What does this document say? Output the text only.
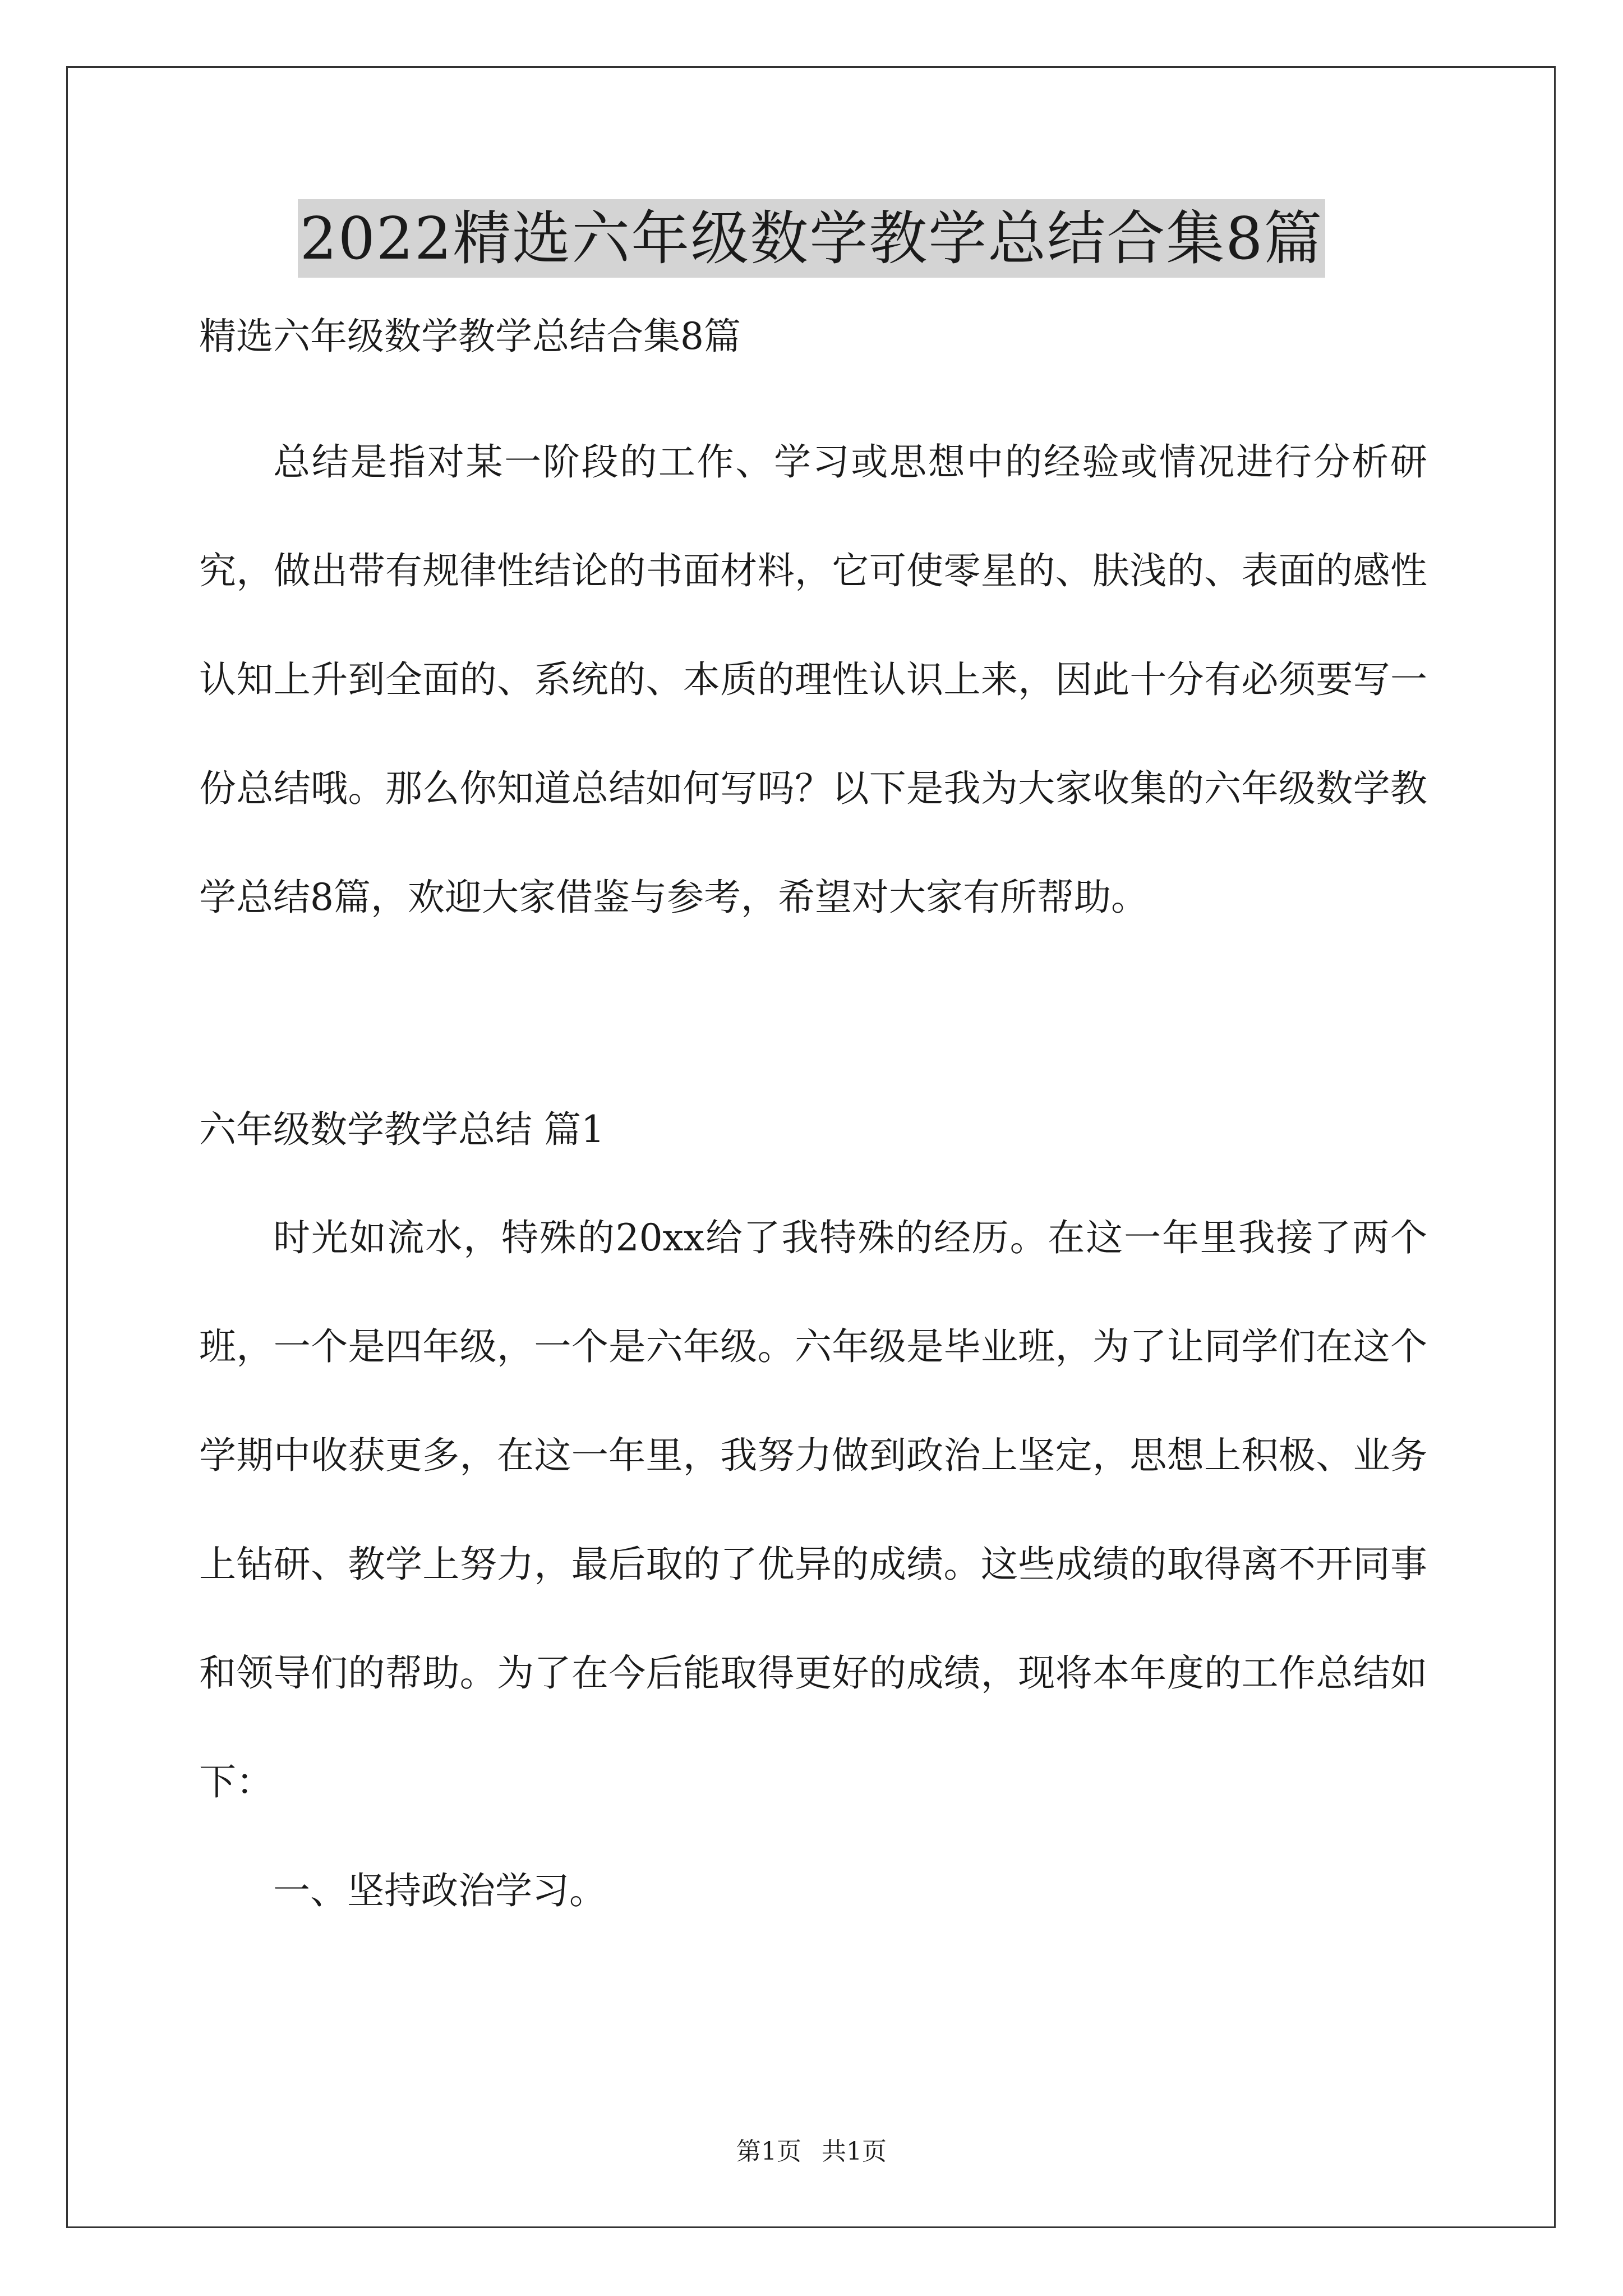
2022精选六年级数学教学总结合集8篇

精选六年级数学教学总结合集8篇

总结是指对某一阶段的工作、学习或思想中的经验或情况进行分析研究，做出带有规律性结论的书面材料，它可使零星的、肤浅的、表面的感性认知上升到全面的、系统的、本质的理性认识上来，因此十分有必须要写一份总结哦。那么你知道总结如何写吗？以下是我为大家收集的六年级数学教学总结8篇，欢迎大家借鉴与参考，希望对大家有所帮助。

六年级数学教学总结 篇1

时光如流水，特殊的20xx给了我特殊的经历。在这一年里我接了两个班，一个是四年级，一个是六年级。六年级是毕业班，为了让同学们在这个学期中收获更多，在这一年里，我努力做到政治上坚定，思想上积极、业务上钻研、教学上努力，最后取的了优异的成绩。这些成绩的取得离不开同事和领导们的帮助。为了在今后能取得更好的成绩，现将本年度的工作总结如下：

一、坚持政治学习。

第1页 共1页
